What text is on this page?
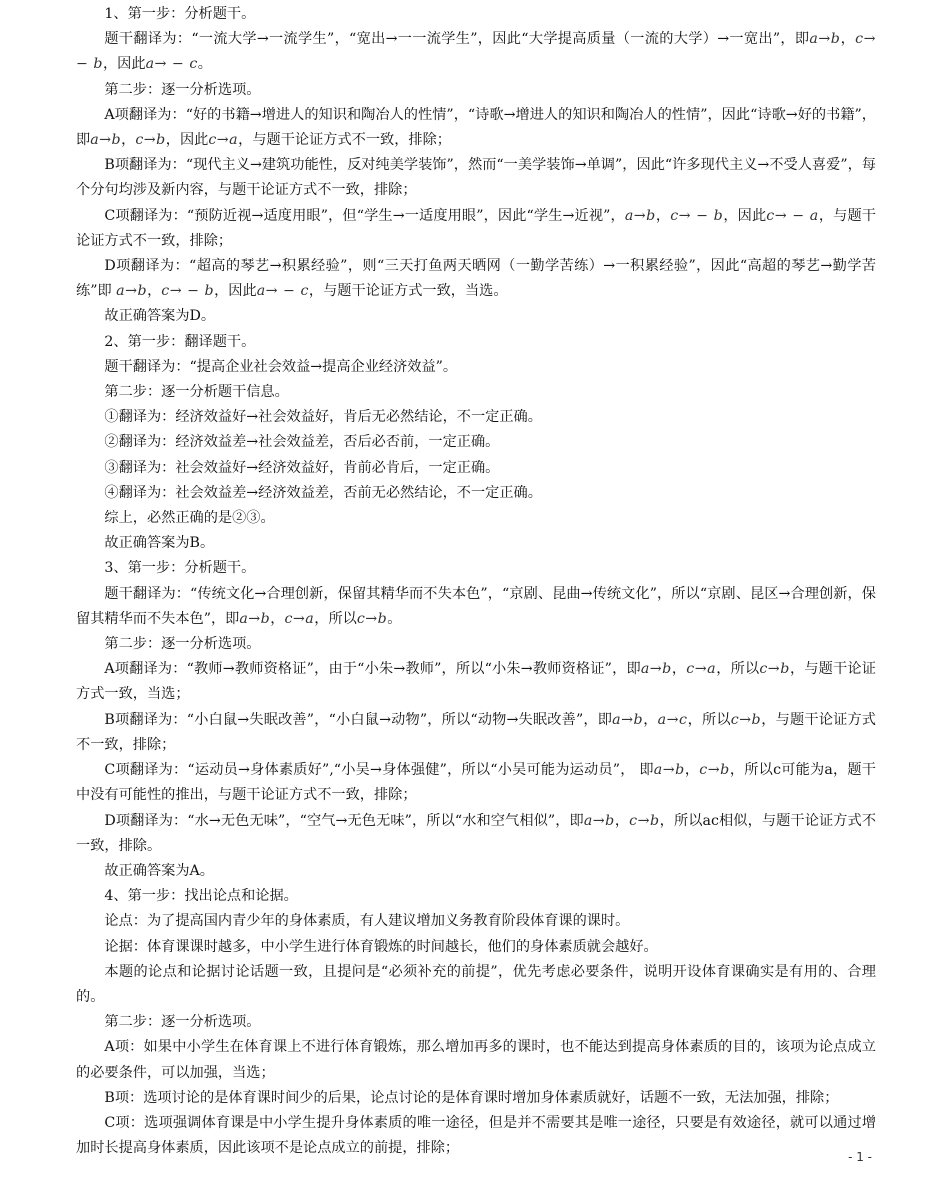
1、第一步：分析题干。

题干翻译为：“一流大学→一流学生”，“宽出→一一流学生”，因此“大学提高质量（一流的大学）→一宽出”，即a→b，c→ − b，因此a→ − c。

第二步：逐一分析选项。

A项翻译为：“好的书籍→增进人的知识和陶冶人的性情”，“诗歌→增进人的知识和陶冶人的性情”，因此“诗歌→好的书籍”，即a→b，c→b，因此c→a，与题干论证方式不一致，排除；

B项翻译为：“现代主义→建筑功能性，反对纯美学装饰”，然而“一美学装饰→单调”，因此“许多现代主义→不受人喜爱”，每个分句均涉及新内容，与题干论证方式不一致，排除；

C项翻译为：“预防近视→适度用眼”，但“学生→一适度用眼”，因此“学生→近视”，a→b，c→ − b，因此c→ − a，与题干论证方式不一致，排除；

D项翻译为：“超高的琴艺→积累经验”，则“三天打鱼两天晒网（一勤学苦练）→一积累经验”，因此“高超的琴艺→勤学苦练”即 a→b，c→ − b，因此a→ − c，与题干论证方式一致，当选。

故正确答案为D。

2、第一步：翻译题干。

题干翻译为：“提高企业社会效益→提高企业经济效益”。

第二步：逐一分析题干信息。

①翻译为：经济效益好→社会效益好，肯后无必然结论，不一定正确。

②翻译为：经济效益差→社会效益差，否后必否前，一定正确。

③翻译为：社会效益好→经济效益好，肯前必肯后，一定正确。

④翻译为：社会效益差→经济效益差，否前无必然结论，不一定正确。

综上，必然正确的是②③。

故正确答案为B。

3、第一步：分析题干。

题干翻译为：“传统文化→合理创新，保留其精华而不失本色”，“京剧、昆曲→传统文化”，所以“京剧、昆区→合理创新，保留其精华而不失本色”，即a→b，c→a，所以c→b。

第二步：逐一分析选项。

A项翻译为：“教师→教师资格证”，由于“小朱→教师”，所以“小朱→教师资格证”，即a→b，c→a，所以c→b，与题干论证方式一致，当选；

B项翻译为：“小白鼠→失眠改善”，“小白鼠→动物”，所以“动物→失眠改善”，即a→b，a→c，所以c→b，与题干论证方式不一致，排除；

C项翻译为：“运动员→身体素质好”,“小吴→身体强健”，所以“小吴可能为运动员”， 即a→b，c→b，所以c可能为a，题干中没有可能性的推出，与题干论证方式不一致，排除；

D项翻译为：“水→无色无味”，“空气→无色无味”，所以“水和空气相似”，即a→b，c→b，所以ac相似，与题干论证方式不一致，排除。

故正确答案为A。

4、第一步：找出论点和论据。

论点：为了提高国内青少年的身体素质，有人建议增加义务教育阶段体育课的课时。

论据：体育课课时越多，中小学生进行体育锻炼的时间越长，他们的身体素质就会越好。

本题的论点和论据讨论话题一致，且提问是“必须补充的前提”，优先考虑必要条件，说明开设体育课确实是有用的、合理的。

第二步：逐一分析选项。

A项：如果中小学生在体育课上不进行体育锻炼，那么增加再多的课时，也不能达到提高身体素质的目的，该项为论点成立的必要条件，可以加强，当选；

B项：选项讨论的是体育课时间少的后果，论点讨论的是体育课时增加身体素质就好，话题不一致，无法加强，排除；

C项：选项强调体育课是中小学生提升身体素质的唯一途径，但是并不需要其是唯一途径，只要是有效途径，就可以通过增加时长提高身体素质，因此该项不是论点成立的前提，排除；

- 1 -
